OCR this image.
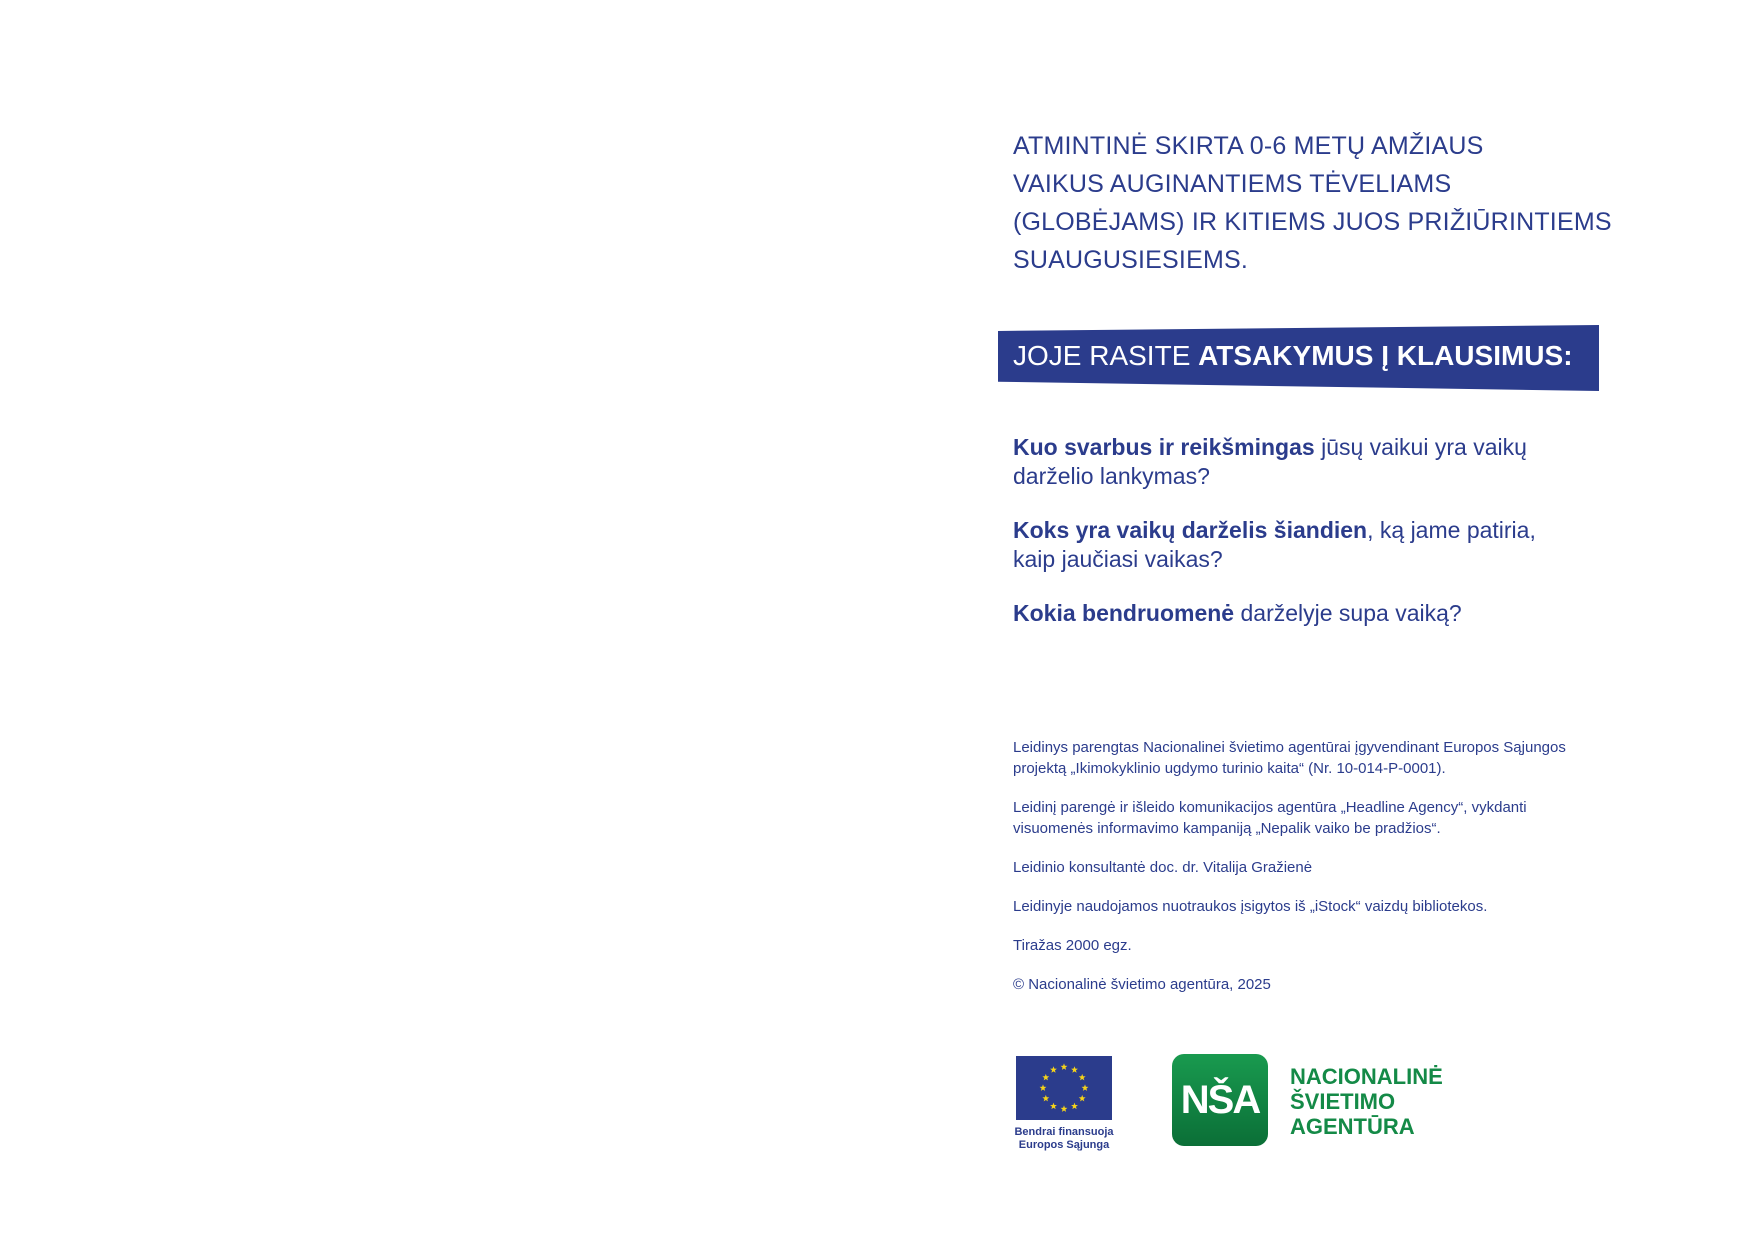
ATMINTINĖ SKIRTA 0-6 METŲ AMŽIAUS
VAIKUS AUGINANTIEMS TĖVELIAMS
(GLOBĖJAMS) IR KITIEMS JUOS PRIŽIŪRINTIEMS
SUAUGUSIESIEMS.
JOJE RASITE ATSAKYMUS Į KLAUSIMUS:

Kuo svarbus ir reikšmingas jūsų vaikui yra vaikų
darželio lankymas?

Koks yra vaikų darželis šiandien, ką jame patiria,
kaip jaučiasi vaikas?

Kokia bendruomenė darželyje supa vaiką?

Leidinys parengtas Nacionalinei švietimo agentūrai įgyvendinant Europos Sąjungos
projektą „Ikimokyklinio ugdymo turinio kaita“ (Nr. 10-014-P-0001).

Leidinį parengė ir išleido komunikacijos agentūra „Headline Agency“, vykdanti
visuomenės informavimo kampaniją „Nepalik vaiko be pradžios“.

Leidinio konsultantė doc. dr. Vitalija Gražienė

Leidinyje naudojamos nuotraukos įsigytos iš „iStock“ vaizdų bibliotekos.

Tiražas 2000 egz.

© Nacionalinė švietimo agentūra, 2025

Bendrai finansuoja
Europos Sąjunga
NŠA
NACIONALINĖ
ŠVIETIMO
AGENTŪRA
